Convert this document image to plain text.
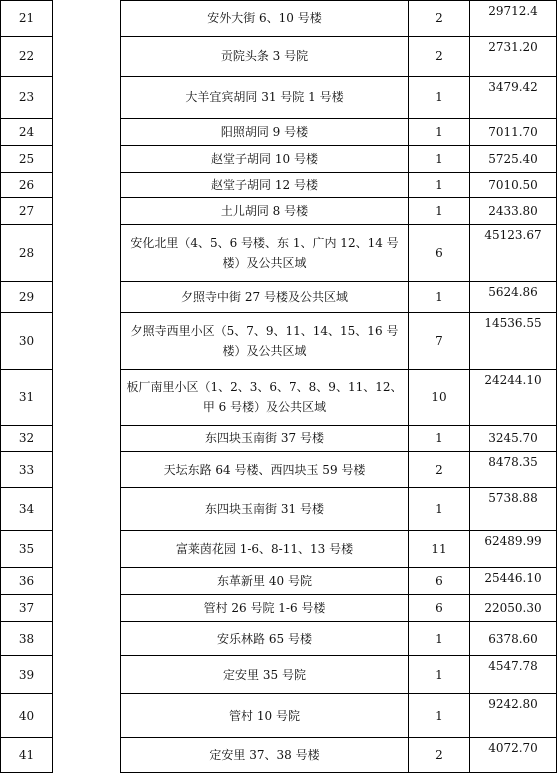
21		安外大街 6、10 号楼	2	29712.4
22		贡院头条 3 号院	2	2731.20
23		大羊宜宾胡同 31 号院 1 号楼	1	3479.42
24		阳照胡同 9 号楼	1	7011.70
25		赵堂子胡同 10 号楼	1	5725.40
26		赵堂子胡同 12 号楼	1	7010.50
27		土儿胡同 8 号楼	1	2433.80
28		安化北里（4、5、6 号楼、东 1、广内 12、14 号楼）及公共区域	6	45123.67
29		夕照寺中街 27 号楼及公共区域	1	5624.86
30		夕照寺西里小区（5、7、9、11、14、15、16 号楼）及公共区域	7	14536.55
31		板厂南里小区（1、2、3、6、7、8、9、11、12、甲 6 号楼）及公共区域	10	24244.10
32		东四块玉南街 37 号楼	1	3245.70
33		天坛东路 64 号楼、西四块玉 59 号楼	2	8478.35
34		东四块玉南街 31 号楼	1	5738.88
35		富莱茵花园 1-6、8-11、13 号楼	11	62489.99
36		东革新里 40 号院	6	25446.10
37		管村 26 号院 1-6 号楼	6	22050.30
38		安乐林路 65 号楼	1	6378.60
39		定安里 35 号院	1	4547.78
40		管村 10 号院	1	9242.80
41		定安里 37、38 号楼	2	4072.70
